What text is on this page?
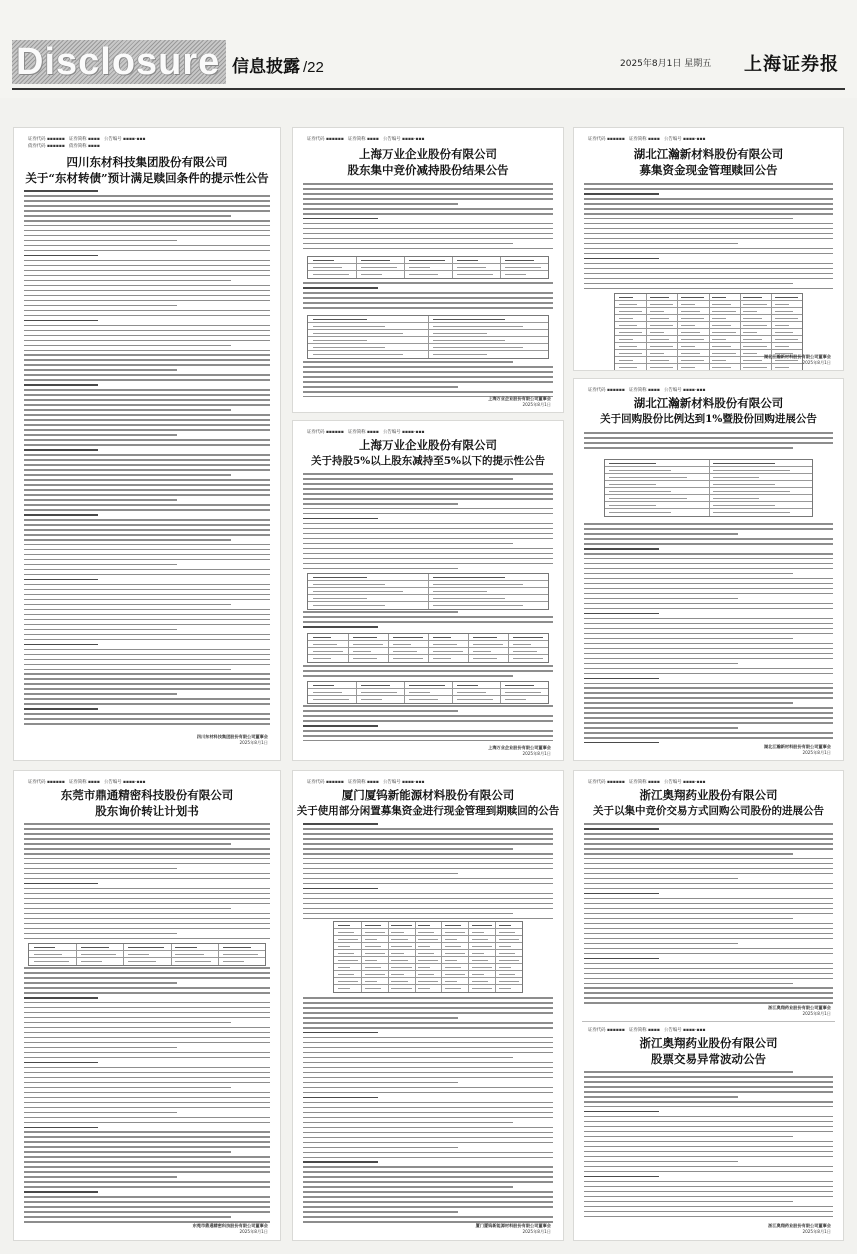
Disclosure 信息披露 /22	2025年8月1日 星期五 上海证券报
证券代码 ▪▪▪▪▪▪   证券简称 ▪▪▪▪   公告编号 ▪▪▪▪-▪▪▪
债券代码 ▪▪▪▪▪▪   债券简称 ▪▪▪▪
四川东材科技集团股份有限公司
关于“东材转债”预计满足赎回条件的提示性公告
四川东材科技集团股份有限公司董事会
2025年8月1日
证券代码 ▪▪▪▪▪▪   证券简称 ▪▪▪▪   公告编号 ▪▪▪▪-▪▪▪
上海万业企业股份有限公司
股东集中竞价减持股份结果公告
上海万业企业股份有限公司董事会
2025年8月1日
证券代码 ▪▪▪▪▪▪   证券简称 ▪▪▪▪   公告编号 ▪▪▪▪-▪▪▪
湖北江瀚新材料股份有限公司
募集资金现金管理赎回公告
湖北江瀚新材料股份有限公司董事会
2025年8月1日
证券代码 ▪▪▪▪▪▪   证券简称 ▪▪▪▪   公告编号 ▪▪▪▪-▪▪▪
上海万业企业股份有限公司
关于持股5%以上股东减持至5%以下的提示性公告
上海万业企业股份有限公司董事会
2025年8月1日
证券代码 ▪▪▪▪▪▪   证券简称 ▪▪▪▪   公告编号 ▪▪▪▪-▪▪▪
湖北江瀚新材料股份有限公司
关于回购股份比例达到1%暨股份回购进展公告
湖北江瀚新材料股份有限公司董事会
2025年8月1日
证券代码 ▪▪▪▪▪▪   证券简称 ▪▪▪▪   公告编号 ▪▪▪▪-▪▪▪
东莞市鼎通精密科技股份有限公司
股东询价转让计划书
东莞市鼎通精密科技股份有限公司董事会
2025年8月1日
证券代码 ▪▪▪▪▪▪   证券简称 ▪▪▪▪   公告编号 ▪▪▪▪-▪▪▪
厦门厦钨新能源材料股份有限公司
关于使用部分闲置募集资金进行现金管理到期赎回的公告
厦门厦钨新能源材料股份有限公司董事会
2025年8月1日
证券代码 ▪▪▪▪▪▪   证券简称 ▪▪▪▪   公告编号 ▪▪▪▪-▪▪▪
浙江奥翔药业股份有限公司
关于以集中竞价交易方式回购公司股份的进展公告
浙江奥翔药业股份有限公司董事会
2025年8月1日
证券代码 ▪▪▪▪▪▪   证券简称 ▪▪▪▪   公告编号 ▪▪▪▪-▪▪▪
浙江奥翔药业股份有限公司
股票交易异常波动公告
浙江奥翔药业股份有限公司董事会
2025年8月1日
